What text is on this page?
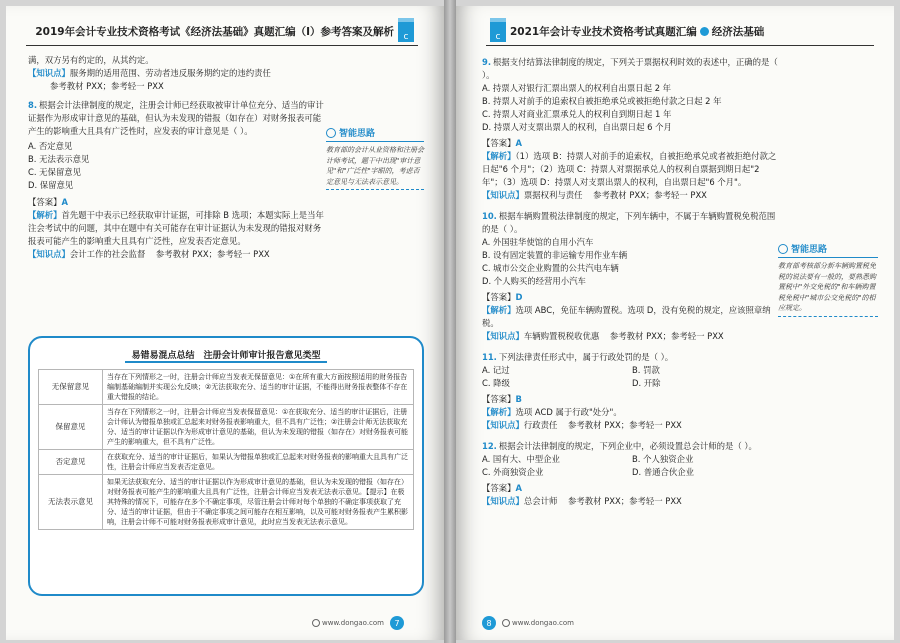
2019年会计专业技术资格考试《经济法基础》真题汇编（Ⅰ）参考答案及解析	c
满，双方另有约定的，从其约定。
【知识点】服务期的适用范围、劳动者违反服务期约定的违约责任
参考教材 PXX；参考轻一 PXX
8. 根据会计法律制度的规定，注册会计师已经获取被审计单位充分、适当的审计证据作为形成审计意见的基础，但认为未发现的错报（如存在）对财务报表可能产生的影响重大且具有广泛性时，应发表的审计意见是（ ）。
A. 否定意见
B. 无法表示意见
C. 无保留意见
D. 保留意见
【答案】A
【解析】首先题干中表示已经获取审计证据，可排除 B 选项；本题实际上是当年注会考试中的问题，其中在题中有关可能存在审计证据认为未发现的错报对财务报表可能产生的影响重大且具有广泛性，应发表否定意见。
【知识点】会计工作的社会监督 参考教材 PXX；参考轻一 PXX
智能思路
教育部的会计从业资格和注册会计师考试，题干中出现"审计意见"和"广泛性"字眼的，考虑否定意见与无法表示意见。
易错易混点总结　注册会计师审计报告意见类型
无保留意见	当存在下列情形之一时，注册会计师应当发表无保留意见：①在所有重大方面按照适用的财务报告编制基础编制并实现公允反映；②无法获取充分、适当的审计证据，不能得出财务报表整体不存在重大错报的结论。
保留意见	当存在下列情形之一时，注册会计师应当发表保留意见：①在获取充分、适当的审计证据后，注册会计师认为错报单独或汇总起来对财务报表影响重大，但不具有广泛性；②注册会计师无法获取充分、适当的审计证据以作为形成审计意见的基础，但认为未发现的错报（如存在）对财务报表可能产生的影响重大，但不具有广泛性。
否定意见	在获取充分、适当的审计证据后，如果认为错报单独或汇总起来对财务报表的影响重大且具有广泛性，注册会计师应当发表否定意见。
无法表示意见	如果无法获取充分、适当的审计证据以作为形成审计意见的基础，但认为未发现的错报（如存在）对财务报表可能产生的影响重大且具有广泛性，注册会计师应当发表无法表示意见。【提示】在极其特殊的情况下，可能存在多个不确定事项，尽管注册会计师对每个单独的不确定事项获取了充分、适当的审计证据，但由于不确定事项之间可能存在相互影响，以及可能对财务报表产生累积影响，注册会计师不可能对财务报表形成审计意见，此时应当发表无法表示意见。
www.dongao.com	7
c 2021年会计专业技术资格考试真题汇编 经济法基础
9. 根据支付结算法律制度的规定，下列关于票据权利时效的表述中，正确的是（ ）。
A. 持票人对银行汇票出票人的权利自出票日起 2 年
B. 持票人对前手的追索权自被拒绝承兑或被拒绝付款之日起 2 年
C. 持票人对商业汇票承兑人的权利自到期日起 1 年
D. 持票人对支票出票人的权利，自出票日起 6 个月
【答案】A
【解析】（1）选项 B：持票人对前手的追索权，自被拒绝承兑或者被拒绝付款之日起"6 个月"；（2）选项 C：持票人对票据承兑人的权利自票据到期日起"2 年"；（3）选项 D：持票人对支票出票人的权利，自出票日起"6 个月"。
【知识点】票据权利与责任 参考教材 PXX；参考轻一 PXX
10. 根据车辆购置税法律制度的规定，下列车辆中，不属于车辆购置税免税范围的是（ ）。
A. 外国驻华使馆的自用小汽车
B. 设有固定装置的非运输专用作业车辆
C. 城市公交企业购置的公共汽电车辆
D. 个人购买的经营用小汽车
【答案】D
【解析】选项 ABC，免征车辆购置税。选项 D，没有免税的规定，应该照章纳税。
【知识点】车辆购置税税收优惠 参考教材 PXX；参考轻一 PXX
11. 下列法律责任形式中，属于行政处罚的是（ ）。
A. 记过	B. 罚款
C. 降级	D. 开除
【答案】B
【解析】选项 ACD 属于行政"处分"。
【知识点】行政责任 参考教材 PXX；参考轻一 PXX
12. 根据会计法律制度的规定，下列企业中，必须设置总会计师的是（ ）。
A. 国有大、中型企业	B. 个人独资企业
C. 外商独资企业	D. 普通合伙企业
【答案】A
【知识点】总会计师 参考教材 PXX；参考轻一 PXX
智能思路
教育部考核部分新车辆购置税免税的说法要有一般的，要熟悉购置税中"外交免税的"和车辆购置税免税中"城市公交免税的"的相应规定。
8	www.dongao.com
